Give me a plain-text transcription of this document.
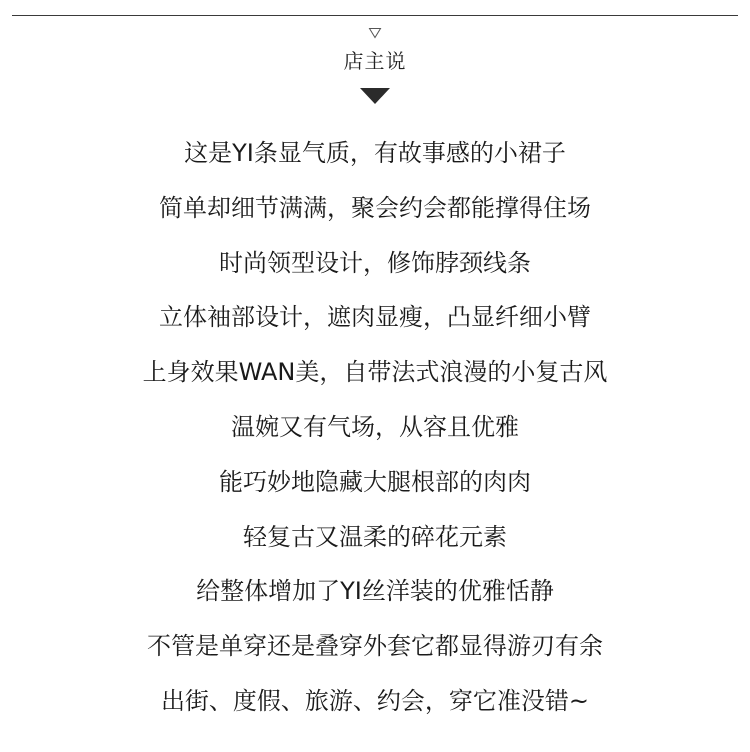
店主说
这是YI条显气质，有故事感的小裙子
简单却细节满满，聚会约会都能撑得住场
时尚领型设计，修饰脖颈线条
立体袖部设计，遮肉显瘦，凸显纤细小臂
上身效果WAN美，自带法式浪漫的小复古风
温婉又有气场，从容且优雅
能巧妙地隐藏大腿根部的肉肉
轻复古又温柔的碎花元素
给整体增加了YI丝洋装的优雅恬静
不管是单穿还是叠穿外套它都显得游刃有余
出街、度假、旅游、约会，穿它准没错~
